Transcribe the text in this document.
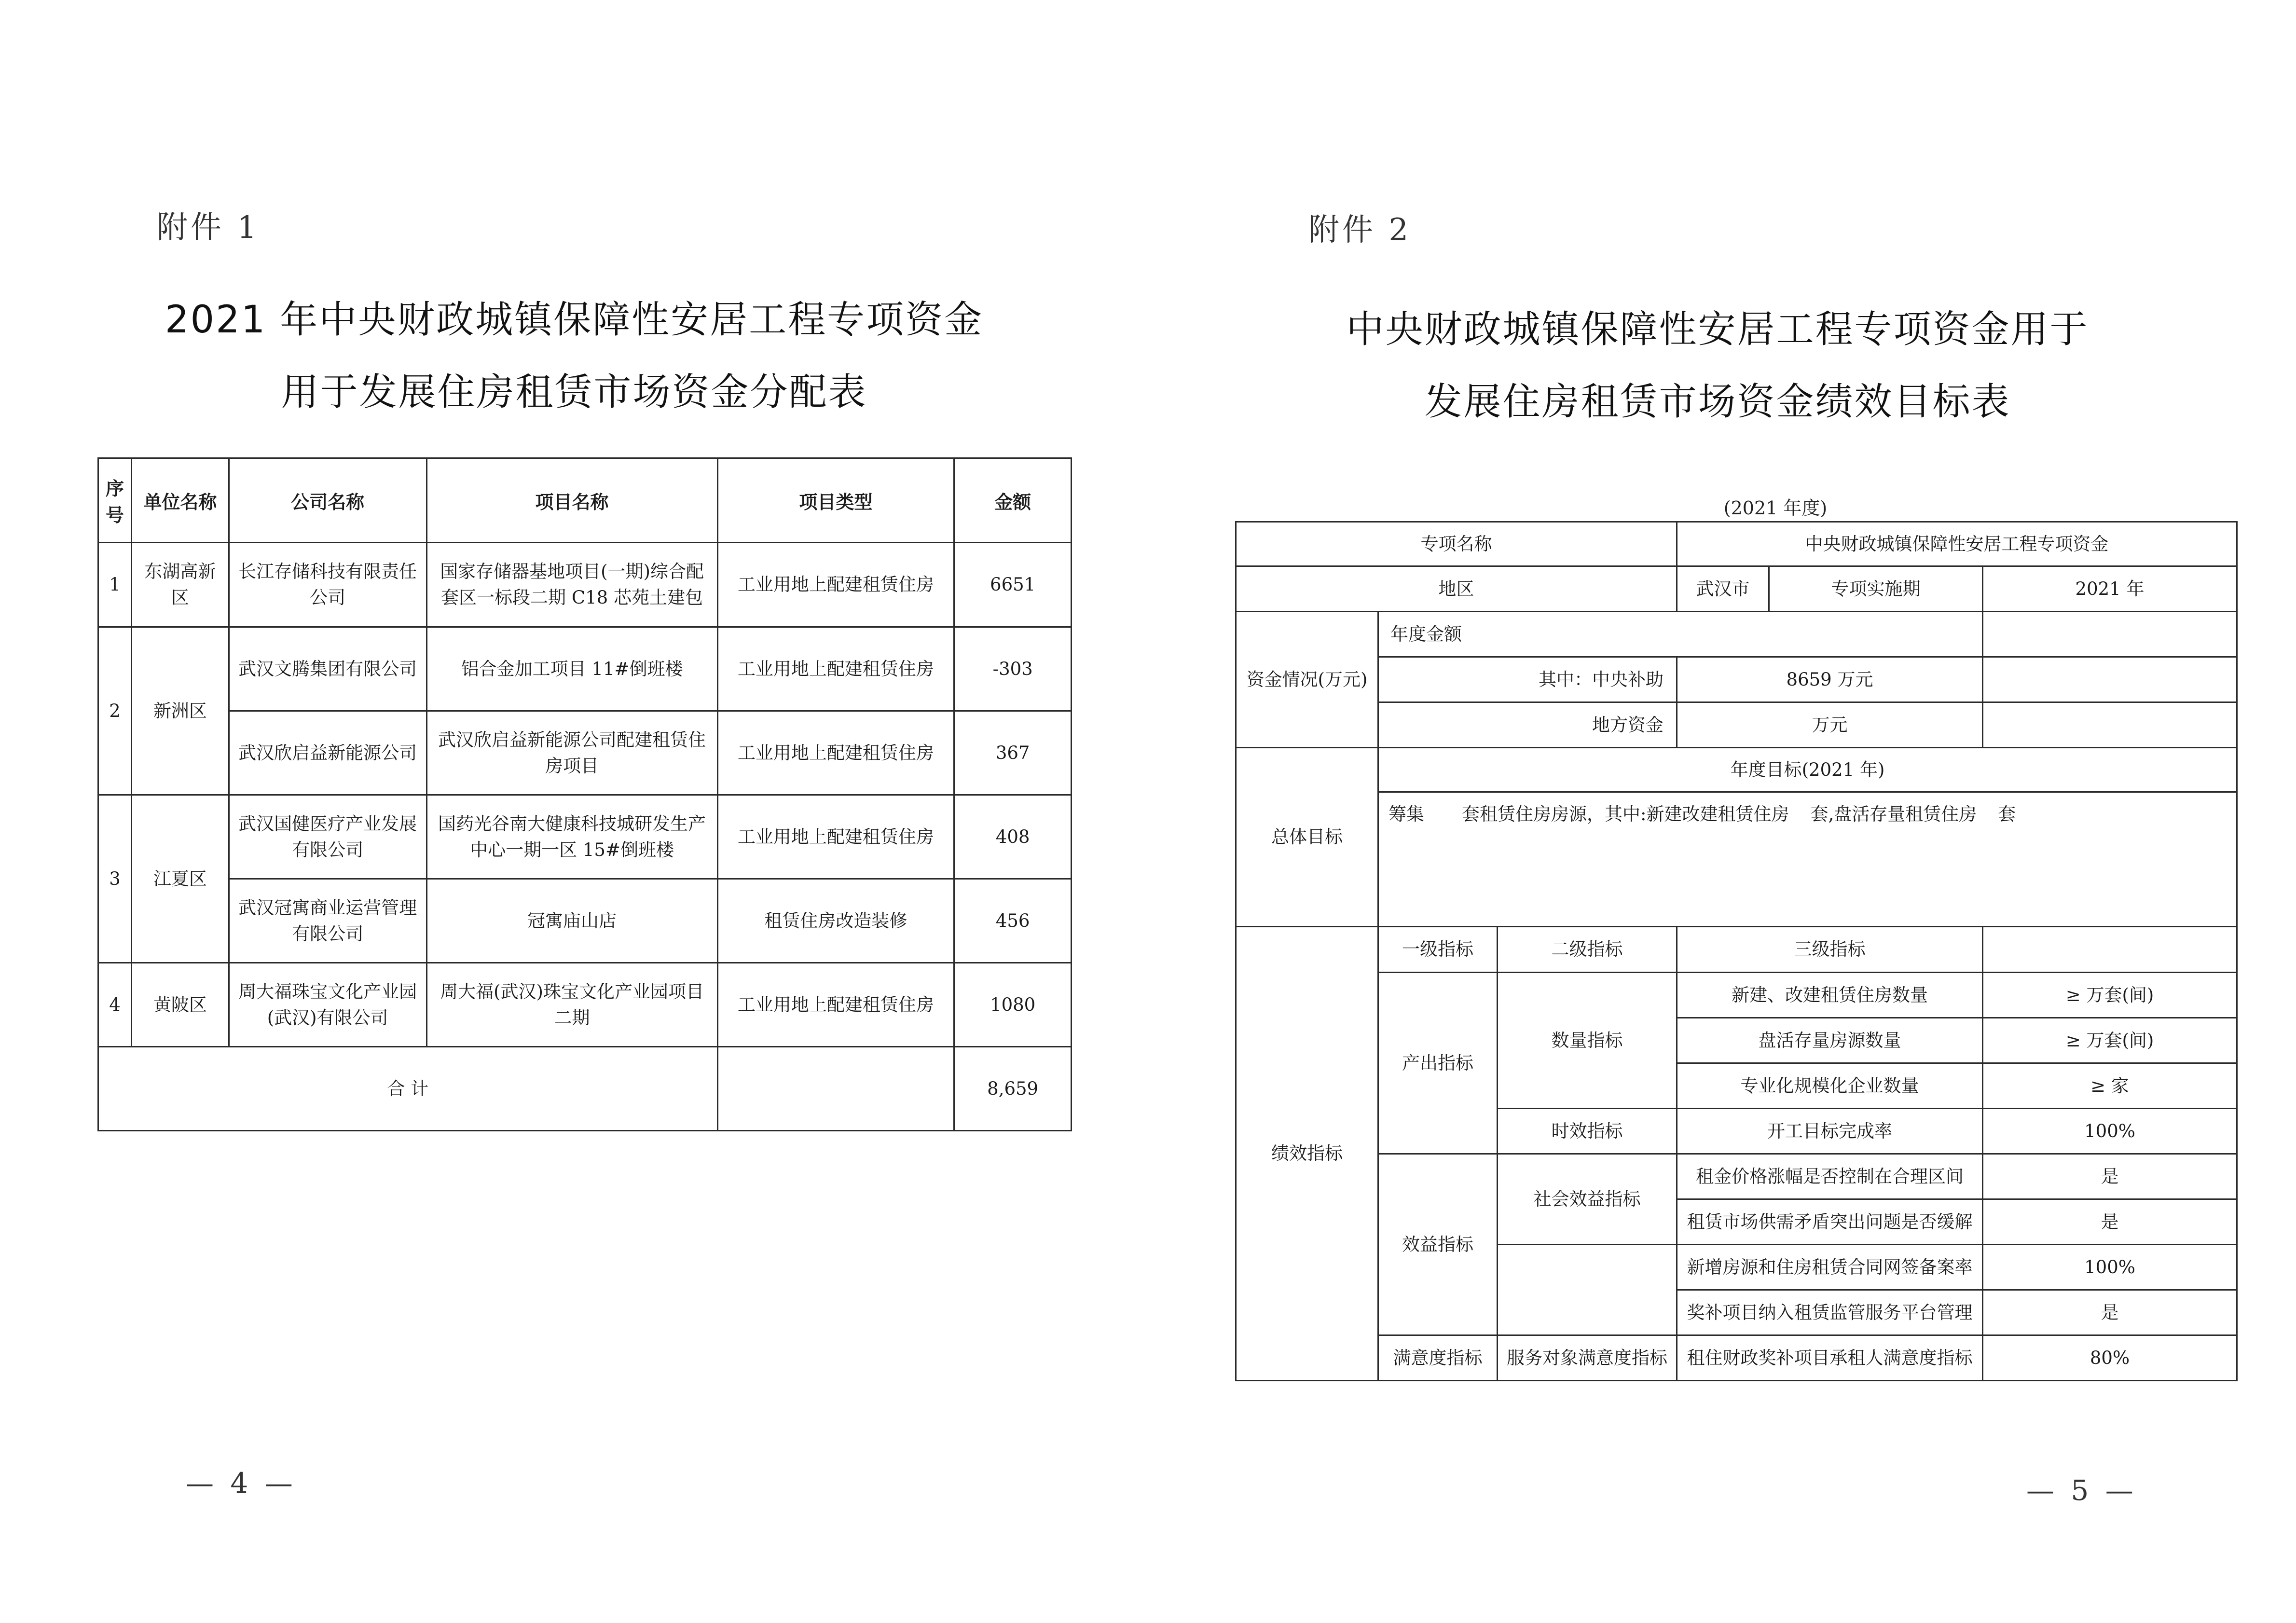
附件 1
2021 年中央财政城镇保障性安居工程专项资金
用于发展住房租赁市场资金分配表
序号	单位名称	公司名称	项目名称	项目类型	金额
1	东湖高新区	长江存储科技有限责任公司	国家存储器基地项目(一期)综合配套区一标段二期 C18 芯苑土建包	工业用地上配建租赁住房	6651
2	新洲区	武汉文腾集团有限公司	铝合金加工项目 11#倒班楼	工业用地上配建租赁住房	-303
		武汉欣启益新能源公司	武汉欣启益新能源公司配建租赁住房项目	工业用地上配建租赁住房	367
3	江夏区	武汉国健医疗产业发展有限公司	国药光谷南大健康科技城研发生产中心一期一区 15#倒班楼	工业用地上配建租赁住房	408
		武汉冠寓商业运营管理有限公司	冠寓庙山店	租赁住房改造装修	456
4	黄陂区	周大福珠宝文化产业园(武汉)有限公司	周大福(武汉)珠宝文化产业园项目二期	工业用地上配建租赁住房	1080
合 计					8,659
— 4 —
附件 2
中央财政城镇保障性安居工程专项资金用于
发展住房租赁市场资金绩效目标表
(2021 年度)
专项名称			中央财政城镇保障性安居工程专项资金		
地区			武汉市	专项实施期	2021 年
资金情况(万元)	年度金额				
	其中：中央补助		8659 万元		
	地方资金		万元		
总体目标	年度目标(2021 年)				
	筹集 套租赁住房房源，其中:新建改建租赁住房 套,盘活存量租赁住房 套				
绩效指标	一级指标	二级指标	三级指标		
	产出指标	数量指标	新建、改建租赁住房数量		≥ 万套(间)
			盘活存量房源数量		≥ 万套(间)
			专业化规模化企业数量		≥ 家
		时效指标	开工目标完成率		100%
	效益指标	社会效益指标	租金价格涨幅是否控制在合理区间		是
			租赁市场供需矛盾突出问题是否缓解		是
			新增房源和住房租赁合同网签备案率		100%
			奖补项目纳入租赁监管服务平台管理		是
	满意度指标	服务对象满意度指标	租住财政奖补项目承租人满意度指标		80%
— 5 —
